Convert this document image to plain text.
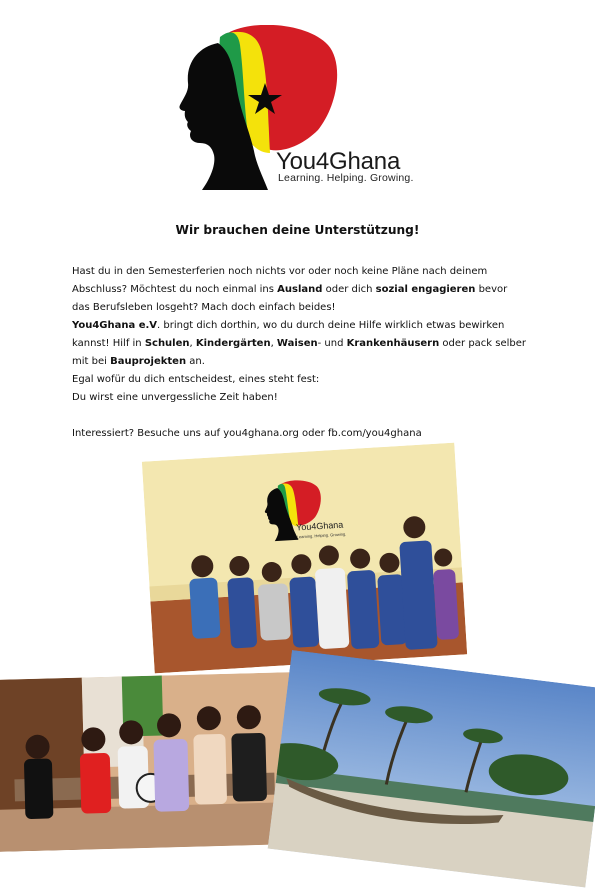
You4Ghana
Learning. Helping. Growing.
Wir brauchen deine Unterstützung!

Hast du in den Semesterferien noch nichts vor oder noch keine Pläne nach deinem Abschluss? Möchtest du noch einmal ins Ausland oder dich sozial engagieren bevor das Berufsleben losgeht? Mach doch einfach beides!

You4Ghana e.V. bringt dich dorthin, wo du durch deine Hilfe wirklich etwas bewirken kannst! Hilf in Schulen, Kindergärten, Waisen- und Krankenhäusern oder pack selber mit bei Bauprojekten an.

Egal wofür du dich entscheidest, eines steht fest:

Du wirst eine unvergessliche Zeit haben!

Interessiert? Besuche uns auf you4ghana.org oder fb.com/you4ghana

You4Ghana
Learning. Helping. Growing.
